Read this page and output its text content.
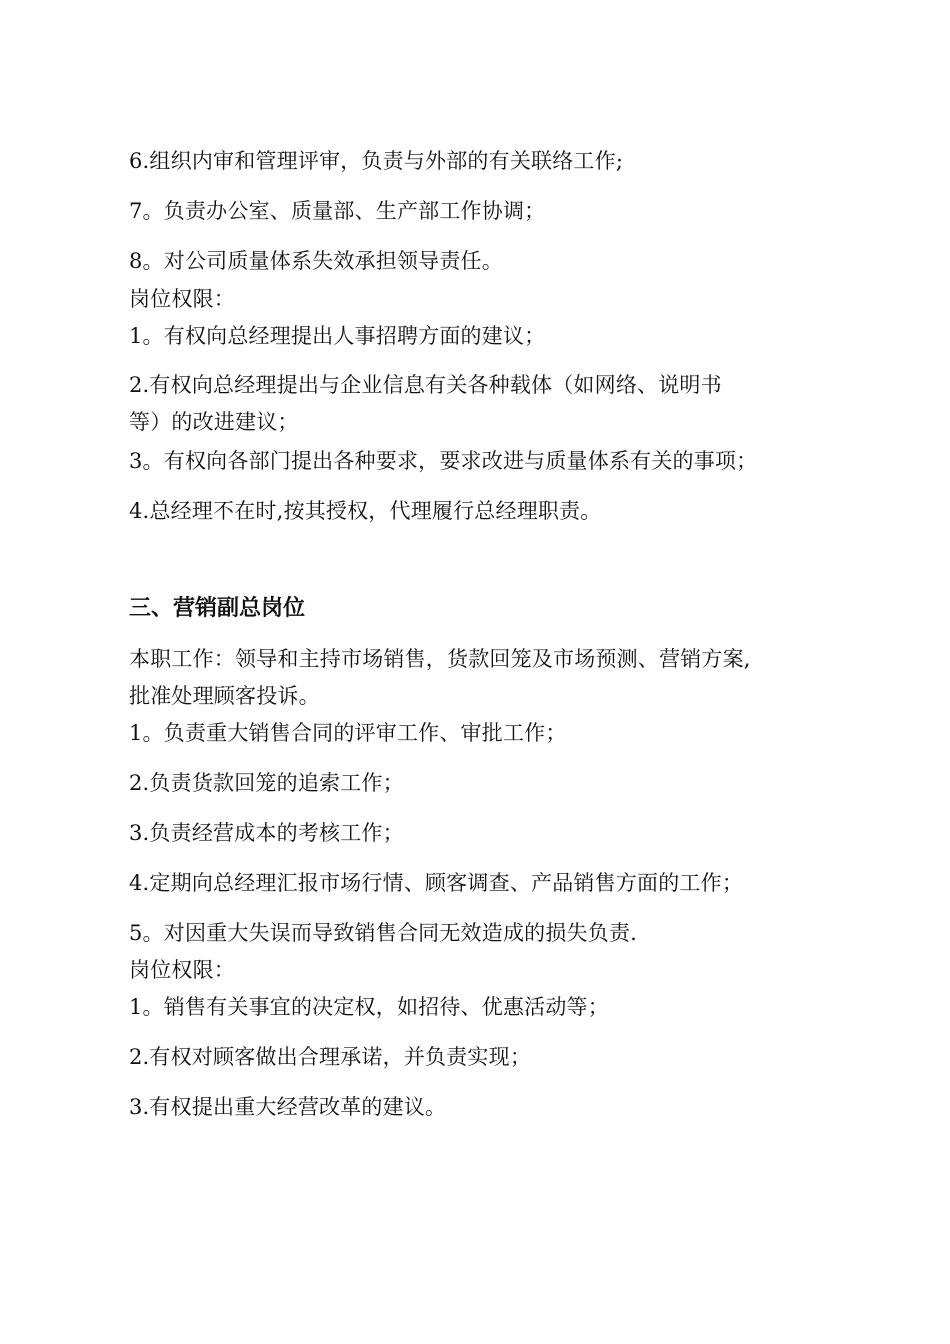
6.组织内审和管理评审，负责与外部的有关联络工作;
7。负责办公室、质量部、生产部工作协调；
8。对公司质量体系失效承担领导责任。
岗位权限：
1。有权向总经理提出人事招聘方面的建议；
2.有权向总经理提出与企业信息有关各种载体（如网络、说明书
等）的改进建议；
3。有权向各部门提出各种要求，要求改进与质量体系有关的事项；
4.总经理不在时,按其授权，代理履行总经理职责。
三、营销副总岗位
本职工作：领导和主持市场销售，货款回笼及市场预测、营销方案,
批准处理顾客投诉。
1。负责重大销售合同的评审工作、审批工作；
2.负责货款回笼的追索工作；
3.负责经营成本的考核工作；
4.定期向总经理汇报市场行情、顾客调查、产品销售方面的工作；
5。对因重大失误而导致销售合同无效造成的损失负责.
岗位权限：
1。销售有关事宜的决定权，如招待、优惠活动等；
2.有权对顾客做出合理承诺，并负责实现；
3.有权提出重大经营改革的建议。
